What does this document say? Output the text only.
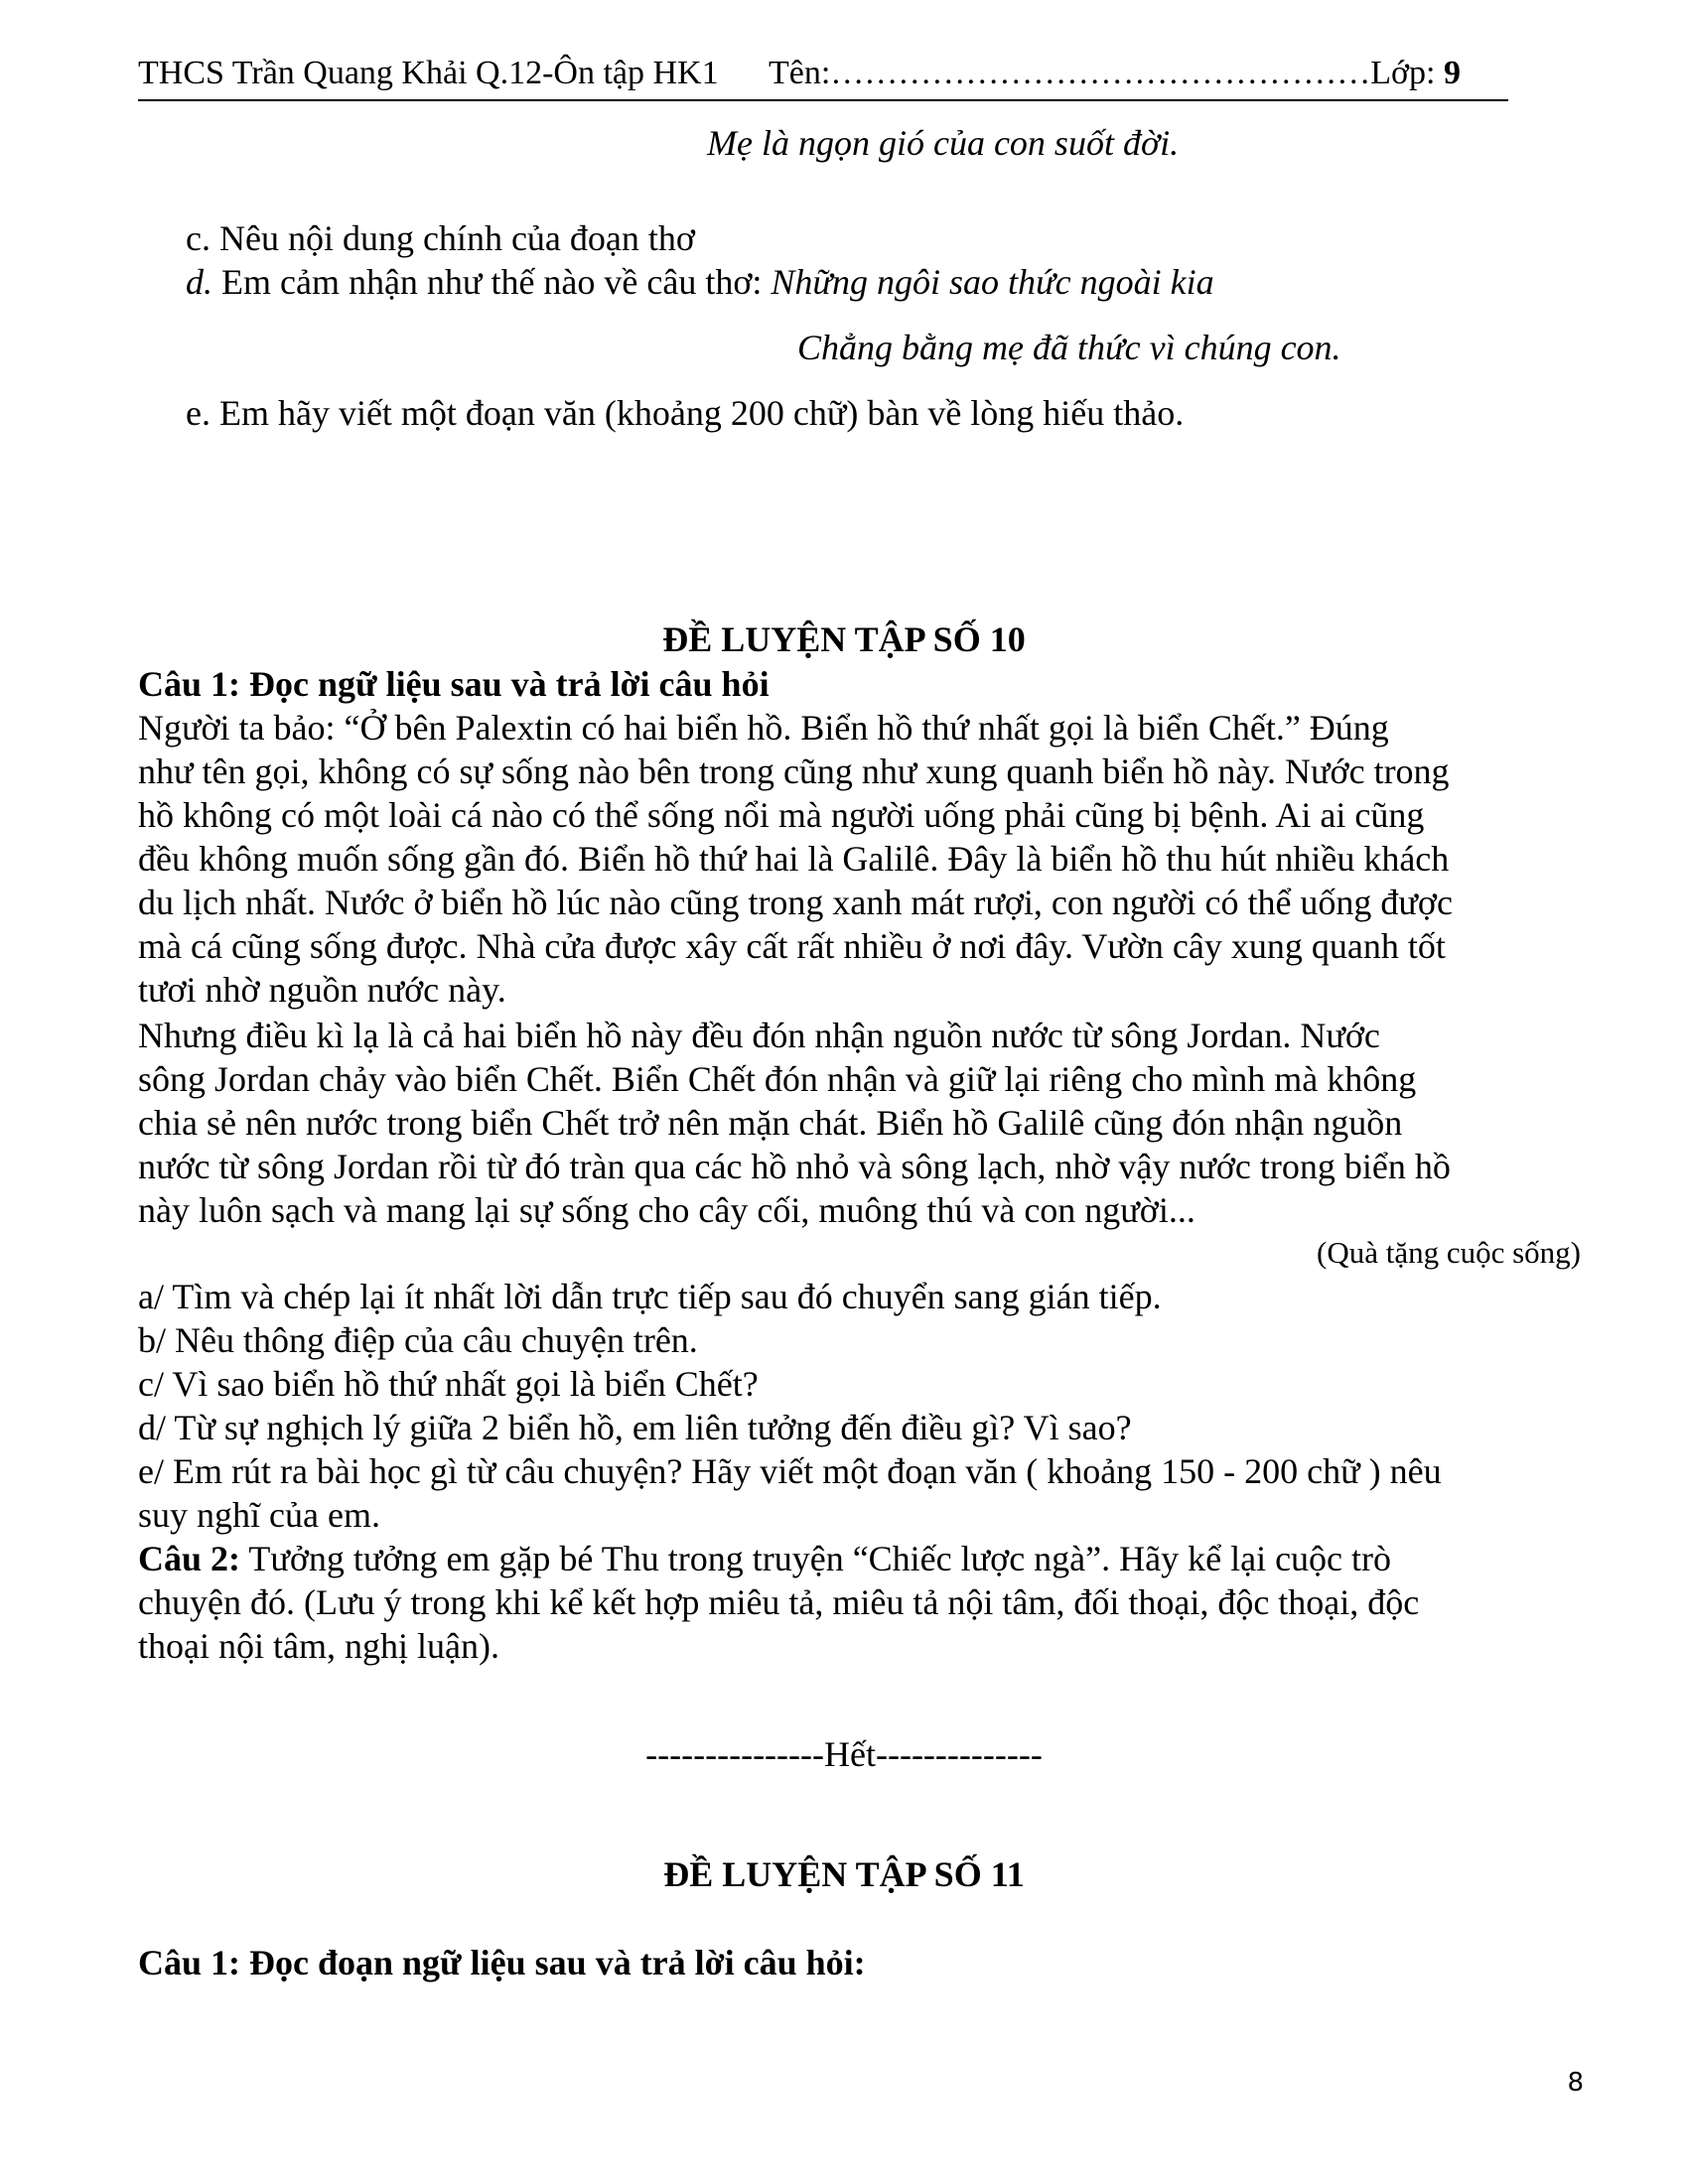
THCS Trần Quang Khải Q.12-Ôn tập HK1 Tên:…………………………………………Lớp: 9
Mẹ là ngọn gió của con suốt đời.
c. Nêu nội dung chính của đoạn thơ
d. Em cảm nhận như thế nào về câu thơ: Những ngôi sao thức ngoài kia
Chẳng bằng mẹ đã thức vì chúng con.
e. Em hãy viết một đoạn văn (khoảng 200 chữ) bàn về lòng hiếu thảo.
ĐỀ LUYỆN TẬP SỐ 10
Câu 1: Đọc ngữ liệu sau và trả lời câu hỏi
Người ta bảo: “Ở bên Palextin có hai biển hồ. Biển hồ thứ nhất gọi là biển Chết.” Đúng
như tên gọi, không có sự sống nào bên trong cũng như xung quanh biển hồ này. Nước trong
hồ không có một loài cá nào có thể sống nổi mà người uống phải cũng bị bệnh. Ai ai cũng
đều không muốn sống gần đó. Biển hồ thứ hai là Galilê. Đây là biển hồ thu hút nhiều khách
du lịch nhất. Nước ở biển hồ lúc nào cũng trong xanh mát rượi, con người có thể uống được
mà cá cũng sống được. Nhà cửa được xây cất rất nhiều ở nơi đây. Vườn cây xung quanh tốt
tươi nhờ nguồn nước này.
Nhưng điều kì lạ là cả hai biển hồ này đều đón nhận nguồn nước từ sông Jordan. Nước
sông Jordan chảy vào biển Chết. Biển Chết đón nhận và giữ lại riêng cho mình mà không
chia sẻ nên nước trong biển Chết trở nên mặn chát. Biển hồ Galilê cũng đón nhận nguồn
nước từ sông Jordan rồi từ đó tràn qua các hồ nhỏ và sông lạch, nhờ vậy nước trong biển hồ
này luôn sạch và mang lại sự sống cho cây cối, muông thú và con người...
(Quà tặng cuộc sống)
a/ Tìm và chép lại ít nhất lời dẫn trực tiếp sau đó chuyển sang gián tiếp.
b/ Nêu thông điệp của câu chuyện trên.
c/ Vì sao biển hồ thứ nhất gọi là biển Chết?
d/ Từ sự nghịch lý giữa 2 biển hồ, em liên tưởng đến điều gì? Vì sao?
e/ Em rút ra bài học gì từ câu chuyện? Hãy viết một đoạn văn ( khoảng 150 - 200 chữ ) nêu
suy nghĩ của em.
Câu 2: Tưởng tưởng em gặp bé Thu trong truyện “Chiếc lược ngà”. Hãy kể lại cuộc trò
chuyện đó. (Lưu ý trong khi kể kết hợp miêu tả, miêu tả nội tâm, đối thoại, độc thoại, độc
thoại nội tâm, nghị luận).
---------------Hết--------------
ĐỀ LUYỆN TẬP SỐ 11
Câu 1: Đọc đoạn ngữ liệu sau và trả lời câu hỏi:
8
